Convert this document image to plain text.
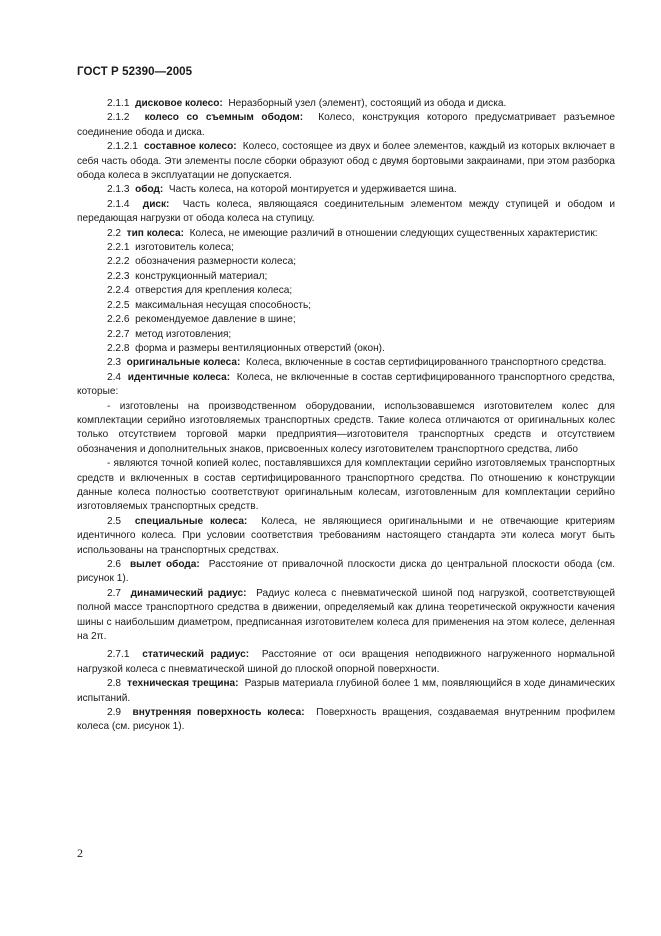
ГОСТ Р 52390—2005

2.1.1 дисковое колесо: Неразборный узел (элемент), состоящий из обода и диска.

2.1.2 колесо со съемным ободом: Колесо, конструкция которого предусматривает разъемное соединение обода и диска.

2.1.2.1 составное колесо: Колесо, состоящее из двух и более элементов, каждый из которых включает в себя часть обода. Эти элементы после сборки образуют обод с двумя бортовыми закраинами, при этом разборка обода колеса в эксплуатации не допускается.

2.1.3 обод: Часть колеса, на которой монтируется и удерживается шина.

2.1.4 диск: Часть колеса, являющаяся соединительным элементом между ступицей и ободом и передающая нагрузки от обода колеса на ступицу.

2.2 тип колеса: Колеса, не имеющие различий в отношении следующих существенных характеристик:

2.2.1 изготовитель колеса;

2.2.2 обозначения размерности колеса;

2.2.3 конструкционный материал;

2.2.4 отверстия для крепления колеса;

2.2.5 максимальная несущая способность;

2.2.6 рекомендуемое давление в шине;

2.2.7 метод изготовления;

2.2.8 форма и размеры вентиляционных отверстий (окон).

2.3 оригинальные колеса: Колеса, включенные в состав сертифицированного транспортного средства.

2.4 идентичные колеса: Колеса, не включенные в состав сертифицированного транспортного средства, которые:

- изготовлены на производственном оборудовании, использовавшемся изготовителем колес для комплектации серийно изготовляемых транспортных средств. Такие колеса отличаются от оригинальных колес только отсутствием торговой марки предприятия—изготовителя транспортных средств и отсутствием обозначения и дополнительных знаков, присвоенных колесу изготовителем транспортного средства, либо

- являются точной копией колес, поставлявшихся для комплектации серийно изготовляемых транспортных средств и включенных в состав сертифицированного транспортного средства. По отношению к конструкции данные колеса полностью соответствуют оригинальным колесам, изготовленным для комплектации серийно изготовляемых транспортных средств.

2.5 специальные колеса: Колеса, не являющиеся оригинальными и не отвечающие критериям идентичного колеса. При условии соответствия требованиям настоящего стандарта эти колеса могут быть использованы на транспортных средствах.

2.6 вылет обода: Расстояние от привалочной плоскости диска до центральной плоскости обода (см. рисунок 1).

2.7 динамический радиус: Радиус колеса с пневматической шиной под нагрузкой, соответствующей полной массе транспортного средства в движении, определяемый как длина теоретической окружности качения шины с наибольшим диаметром, предписанная изготовителем колеса для применения на этом колесе, деленная на 2π.

2.7.1 статический радиус: Расстояние от оси вращения неподвижного нагруженного нормальной нагрузкой колеса с пневматической шиной до плоской опорной поверхности.

2.8 техническая трещина: Разрыв материала глубиной более 1 мм, появляющийся в ходе динамических испытаний.

2.9 внутренняя поверхность колеса: Поверхность вращения, создаваемая внутренним профилем колеса (см. рисунок 1).

2
